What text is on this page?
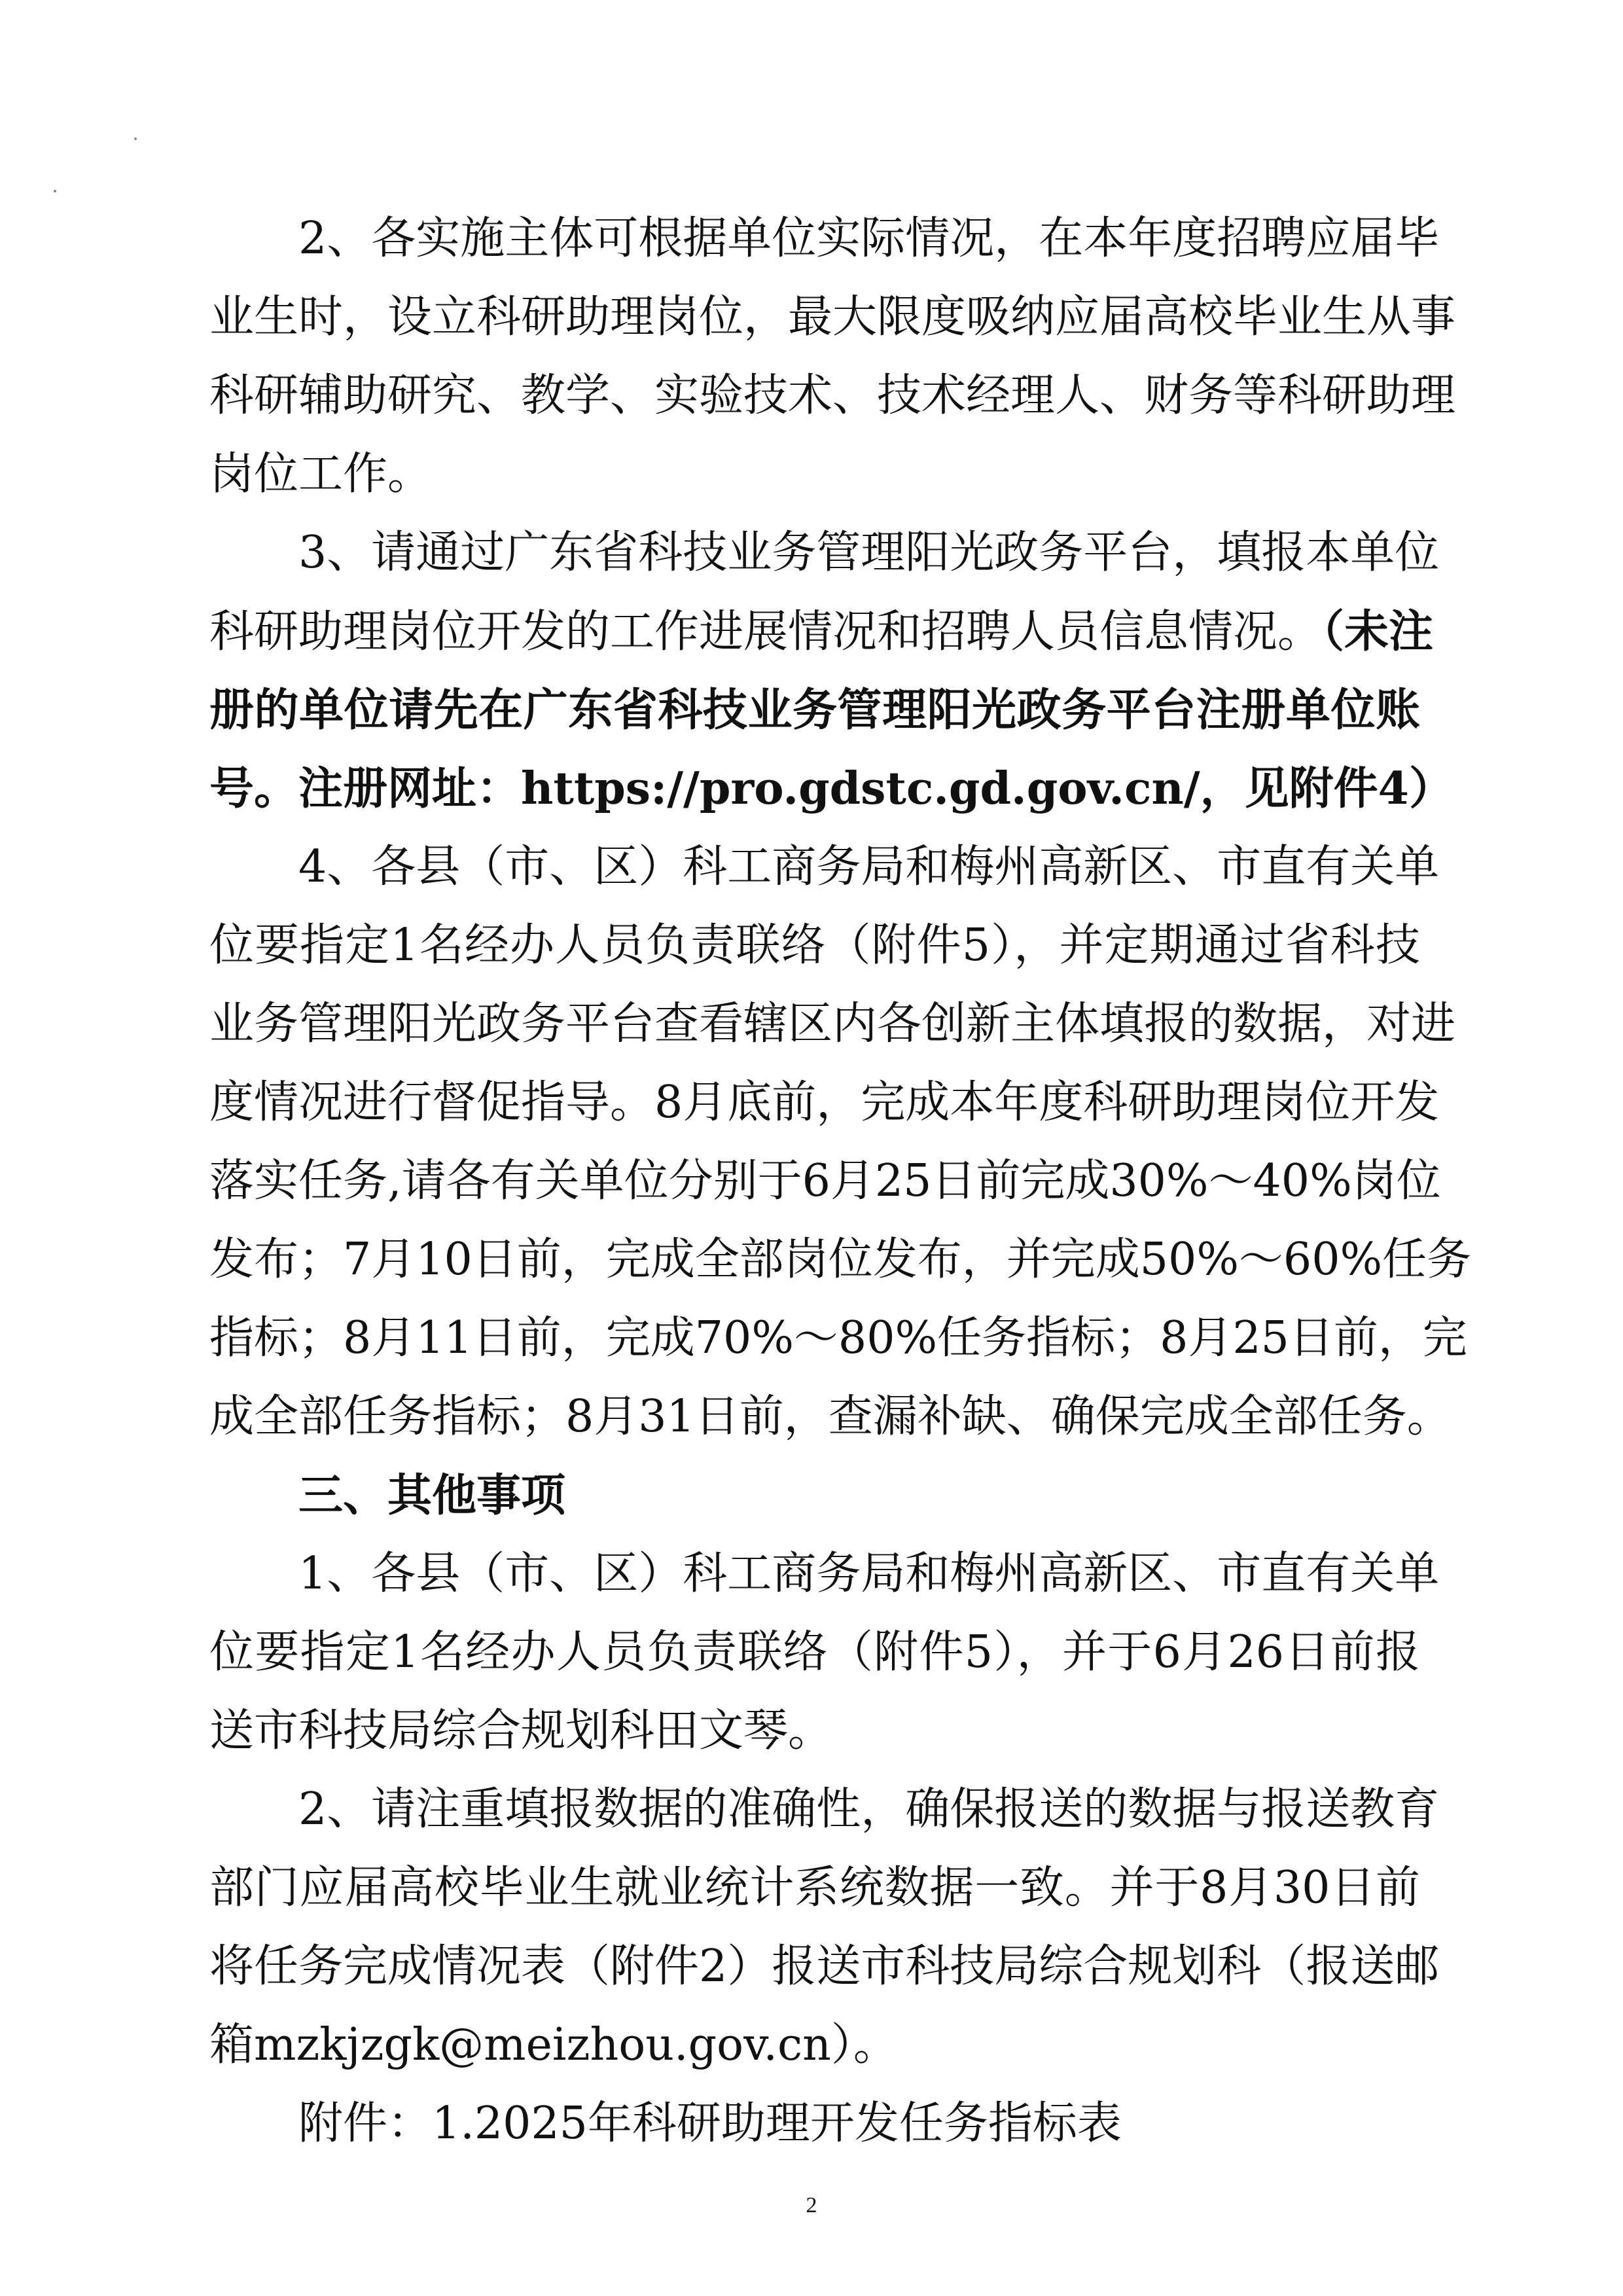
　　2、各实施主体可根据单位实际情况，在本年度招聘应届毕
业生时，设立科研助理岗位，最大限度吸纳应届高校毕业生从事
科研辅助研究、教学、实验技术、技术经理人、财务等科研助理
岗位工作。
　　3、请通过广东省科技业务管理阳光政务平台，填报本单位
科研助理岗位开发的工作进展情况和招聘人员信息情况。（未注
册的单位请先在广东省科技业务管理阳光政务平台注册单位账
号。注册网址：https://pro.gdstc.gd.gov.cn/，见附件4）
　　4、各县（市、区）科工商务局和梅州高新区、市直有关单
位要指定1名经办人员负责联络（附件5），并定期通过省科技
业务管理阳光政务平台查看辖区内各创新主体填报的数据，对进
度情况进行督促指导。8月底前，完成本年度科研助理岗位开发
落实任务,请各有关单位分别于6月25日前完成30%～40%岗位
发布；7月10日前，完成全部岗位发布，并完成50%～60%任务
指标；8月11日前，完成70%～80%任务指标；8月25日前，完
成全部任务指标；8月31日前，查漏补缺、确保完成全部任务。
　　三、其他事项
　　1、各县（市、区）科工商务局和梅州高新区、市直有关单
位要指定1名经办人员负责联络（附件5），并于6月26日前报
送市科技局综合规划科田文琴。
　　2、请注重填报数据的准确性，确保报送的数据与报送教育
部门应届高校毕业生就业统计系统数据一致。并于8月30日前
将任务完成情况表（附件2）报送市科技局综合规划科（报送邮
箱mzkjzgk@meizhou.gov.cn）。
　　附件：1.2025年科研助理开发任务指标表
2
